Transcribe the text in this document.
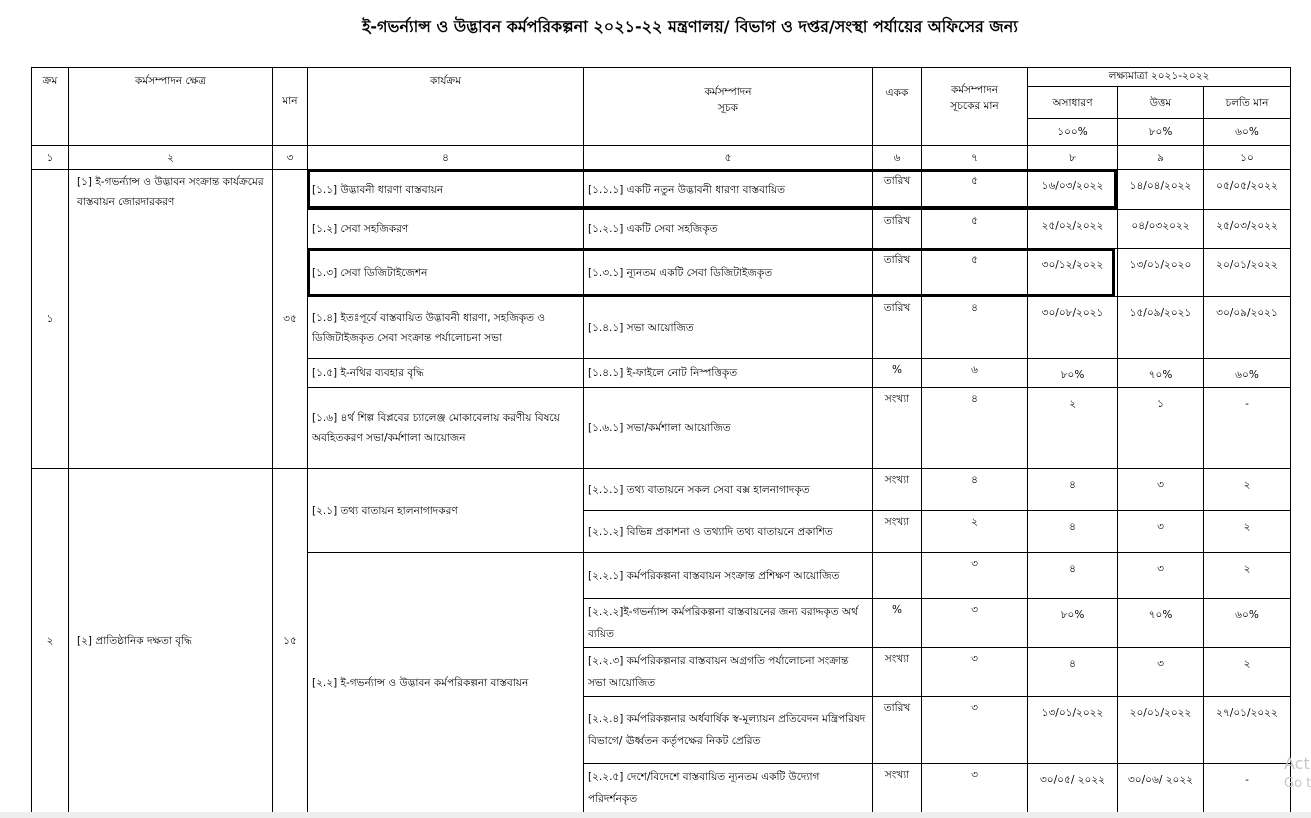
ই-গভর্ন্যান্স ও উদ্ভাবন কর্মপরিকল্পনা ২০২১-২২ মন্ত্রণালয়/ বিভাগ ও দপ্তর/সংস্থা পর্যায়ের অফিসের জন্য
ক্রম	কর্মসম্পাদন ক্ষেত্র	মান	কার্যক্রম	কর্মসম্পাদন
সূচক	একক	কর্মসম্পাদন
সূচকের মান	লক্ষ্যমাত্রা ২০২১-২০২২		
							অসাধারণ	উত্তম	চলতি মান
							১০০%	৮০%	৬০%
১	২	৩	৪	৫	৬	৭	৮	৯	১০
১	[১] ই-গভর্ন্যান্স ও উদ্ভাবন সংক্রান্ত কার্যক্রমের বাস্তবায়ন জোরদারকরণ	৩৫	[১.১] উদ্ভাবনী ধারণা বাস্তবায়ন	[১.১.১] একটি নতুন উদ্ভাবনী ধারণা বাস্তবায়িত	তারিখ	৫	১৬/০৩/২০২২	১৪/০৪/২০২২	০৫/০৫/২০২২
			[১.২] সেবা সহজিকরণ	[১.২.১] একটি সেবা সহজিকৃত	তারিখ	৫	২৫/০২/২০২২	০৪/০৩২০২২	২৫/০৩/২০২২
			[১.৩] সেবা ডিজিটাইজেশন	[১.৩.১] ন্যূনতম একটি সেবা ডিজিটাইজকৃত	তারিখ	৫	৩০/১২/২০২২	১৩/০১/২০২০	২০/০১/২০২২
			[১.৪] ইতঃপূর্বে বাস্তবায়িত উদ্ভাবনী ধারণা, সহজিকৃত ও ডিজিটাইজকৃত সেবা সংক্রান্ত পর্যালোচনা সভা	[১.৪.১] সভা আয়োজিত	তারিখ	৪	৩০/০৮/২০২১	১৫/০৯/২০২১	৩০/০৯/২০২১
			[১.৫] ই-নথির ব্যবহার বৃদ্ধি	[১.৪.১] ই-ফাইলে নোট নিস্পত্তিকৃত	%	৬	৮০%	৭০%	৬০%
			[১.৬] ৪র্থ শিল্প বিপ্লবের চ্যালেঞ্জ মোকাবেলায় করণীয় বিষয়ে অবহিতকরণ সভা/কর্মশালা আয়োজন	[১.৬.১] সভা/কর্মশালা আয়োজিত	সংখ্যা	৪	২	১	-
২	[২] প্রাতিষ্ঠানিক দক্ষতা বৃদ্ধি	১৫	[২.১] তথ্য বাতায়ন হালনাগাদকরণ	[২.১.১] তথ্য বাতায়নে সকল সেবা বক্স হালনাগাদকৃত	সংখ্যা	৪	৪	৩	২
				[২.১.২] বিভিন্ন প্রকাশনা ও তথ্যাদি তথ্য বাতায়নে প্রকাশিত	সংখ্যা	২	৪	৩	২
			[২.২] ই-গভর্ন্যান্স ও উদ্ভাবন কর্মপরিকল্পনা বাস্তবায়ন	[২.২.১] কর্মপরিকল্পনা বাস্তবায়ন সংক্রান্ত প্রশিক্ষণ আয়োজিত		৩	৪	৩	২
				[২.২.২]ই-গভর্ন্যান্স কর্মপরিকল্পনা বাস্তবায়নের জন্য বরাদ্দকৃত অর্থ ব্যয়িত	%	৩	৮০%	৭০%	৬০%
				[২.২.৩] কর্মপরিকল্পনার বাস্তবায়ন অগ্রগতি পর্যালোচনা সংক্রান্ত সভা আয়োজিত	সংখ্যা	৩	৪	৩	২
				[২.২.৪] কর্মপরিকল্পনার অর্ধবার্ষিক স্ব-মূল্যায়ন প্রতিবেদন মন্ত্রিপরিষদ বিভাগে/ ঊর্ধ্বতন কর্তৃপক্ষের নিকট প্রেরিত	তারিখ	৩	১৩/০১/২০২২	২০/০১/২০২২	২৭/০১/২০২২
				[২.২.৫] দেশে/বিদেশে বাস্তবায়িত ন্যূনতম একটি উদ্যোগ পরিদর্শনকৃত	সংখ্যা	৩	৩০/০৫/ ২০২২	৩০/০৬/ ২০২২	-
Act
Go t
